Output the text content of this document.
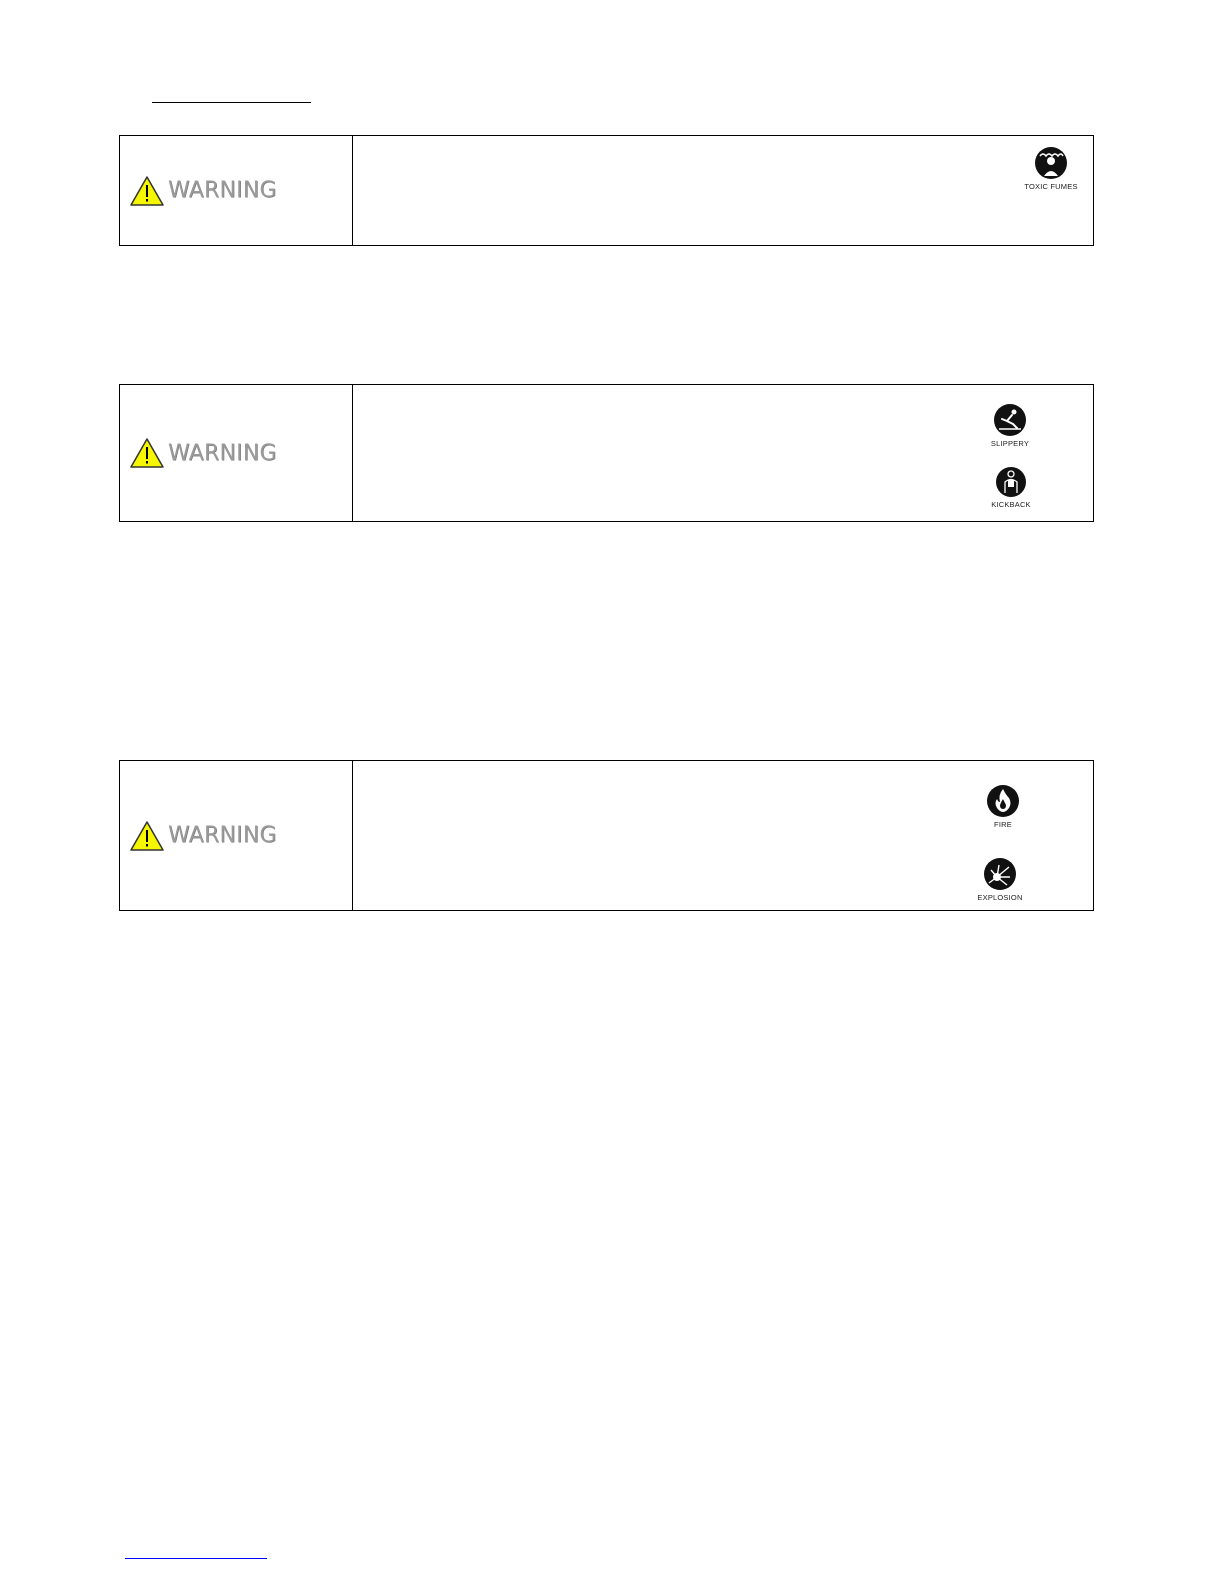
WARNING	TOXIC FUMES
WARNING	SLIPPERY
KICKBACK
WARNING	FIRE
EXPLOSION
